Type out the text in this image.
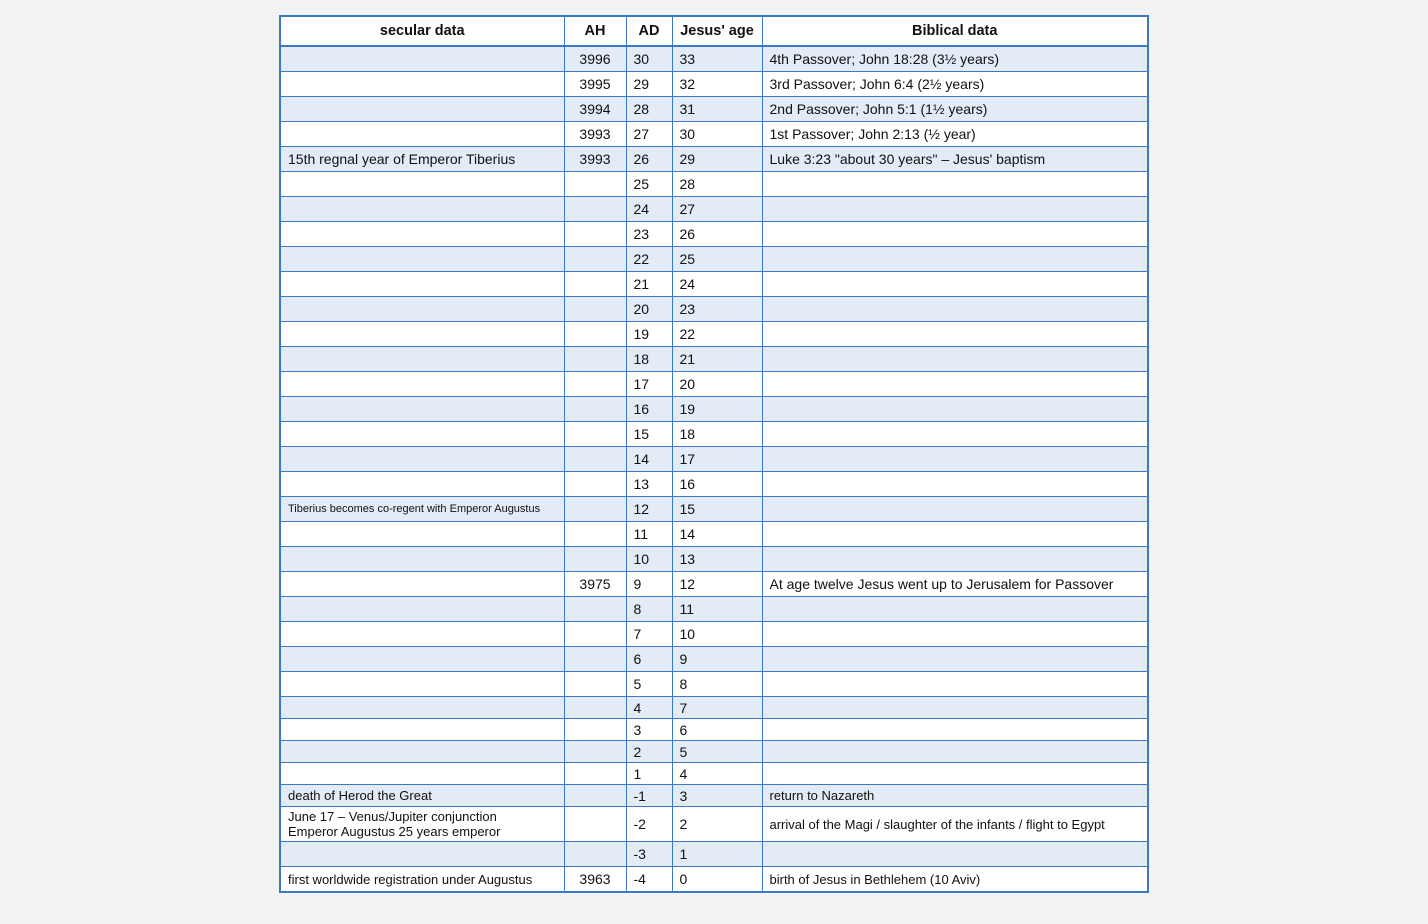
secular data	AH	AD	Jesus' age	Biblical data
	3996	30	33	4th Passover; John 18:28 (3½ years)
	3995	29	32	3rd Passover; John 6:4 (2½ years)
	3994	28	31	2nd Passover; John 5:1 (1½ years)
	3993	27	30	1st Passover; John 2:13 (½ year)
15th regnal year of Emperor Tiberius	3993	26	29	Luke 3:23 "about 30 years" – Jesus' baptism
		25	28	
		24	27	
		23	26	
		22	25	
		21	24	
		20	23	
		19	22	
		18	21	
		17	20	
		16	19	
		15	18	
		14	17	
		13	16	
Tiberius becomes co-regent with Emperor Augustus		12	15	
		11	14	
		10	13	
	3975	9	12	At age twelve Jesus went up to Jerusalem for Passover
		8	11	
		7	10	
		6	9	
		5	8	
		4	7	
		3	6	
		2	5	
		1	4	
death of Herod the Great		-1	3	return to Nazareth

June 17 – Venus/Jupiter conjunction
Emperor Augustus 25 years emperor		-2	2	arrival of the Magi / slaughter of the infants / flight to Egypt
		-3	1	
first worldwide registration under Augustus	3963	-4	0	birth of Jesus in Bethlehem (10 Aviv)
